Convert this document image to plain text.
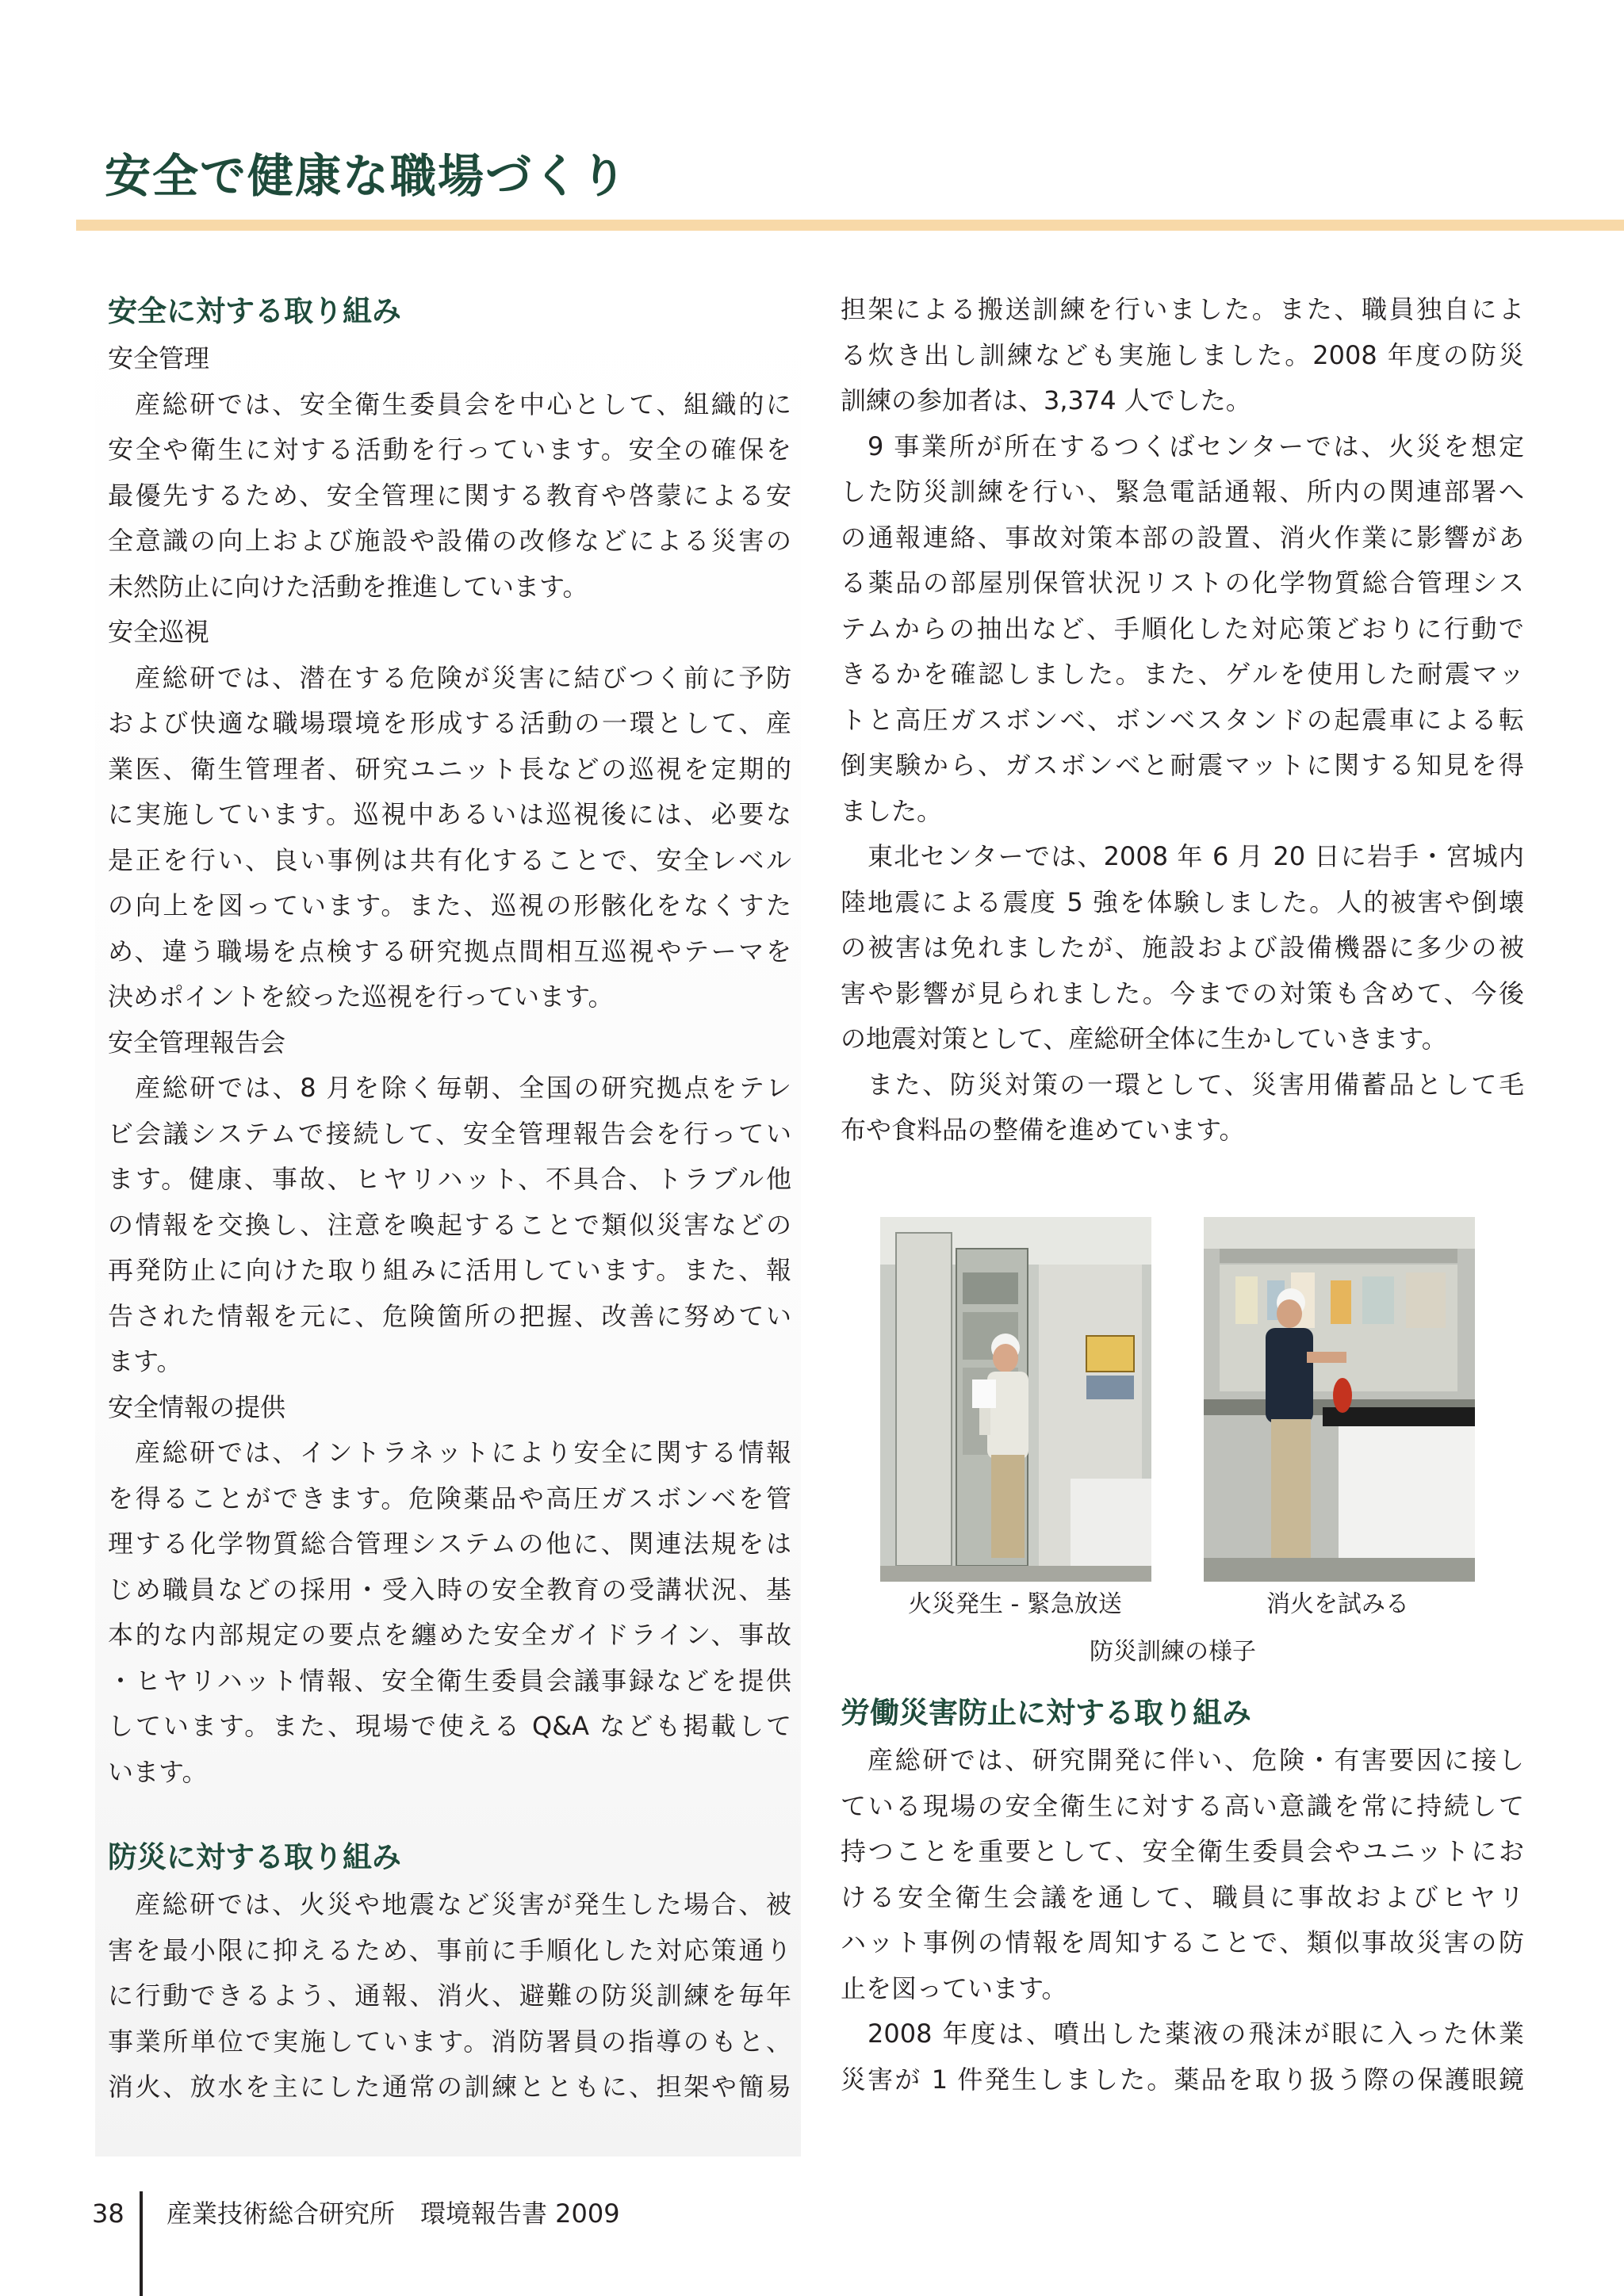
安全で健康な職場づくり
安全に対する取り組み
安全管理
産総研では、安全衛生委員会を中心として、組織的に
安全や衛生に対する活動を行っています。安全の確保を
最優先するため、安全管理に関する教育や啓蒙による安
全意識の向上および施設や設備の改修などによる災害の
未然防止に向けた活動を推進しています。
安全巡視
産総研では、潜在する危険が災害に結びつく前に予防
および快適な職場環境を形成する活動の一環として、産
業医、衛生管理者、研究ユニット長などの巡視を定期的
に実施しています。巡視中あるいは巡視後には、必要な
是正を行い、良い事例は共有化することで、安全レベル
の向上を図っています。また、巡視の形骸化をなくすた
め、違う職場を点検する研究拠点間相互巡視やテーマを
決めポイントを絞った巡視を行っています。
安全管理報告会
産総研では、8 月を除く毎朝、全国の研究拠点をテレ
ビ会議システムで接続して、安全管理報告会を行ってい
ます。健康、事故、ヒヤリハット、不具合、トラブル他
の情報を交換し、注意を喚起することで類似災害などの
再発防止に向けた取り組みに活用しています。また、報
告された情報を元に、危険箇所の把握、改善に努めてい
ます。
安全情報の提供
産総研では、イントラネットにより安全に関する情報
を得ることができます。危険薬品や高圧ガスボンベを管
理する化学物質総合管理システムの他に、関連法規をは
じめ職員などの採用・受入時の安全教育の受講状況、基
本的な内部規定の要点を纏めた安全ガイドライン、事故
・ヒヤリハット情報、安全衛生委員会議事録などを提供
しています。また、現場で使える Q&A なども掲載して
います。
防災に対する取り組み
産総研では、火災や地震など災害が発生した場合、被
害を最小限に抑えるため、事前に手順化した対応策通り
に行動できるよう、通報、消火、避難の防災訓練を毎年
事業所単位で実施しています。消防署員の指導のもと、
消火、放水を主にした通常の訓練とともに、担架や簡易
担架による搬送訓練を行いました。また、職員独自によ
る炊き出し訓練なども実施しました。2008 年度の防災
訓練の参加者は、3,374 人でした。
9 事業所が所在するつくばセンターでは、火災を想定
した防災訓練を行い、緊急電話通報、所内の関連部署へ
の通報連絡、事故対策本部の設置、消火作業に影響があ
る薬品の部屋別保管状況リストの化学物質総合管理シス
テムからの抽出など、手順化した対応策どおりに行動で
きるかを確認しました。また、ゲルを使用した耐震マッ
トと高圧ガスボンベ、ボンベスタンドの起震車による転
倒実験から、ガスボンベと耐震マットに関する知見を得
ました。
東北センターでは、2008 年 6 月 20 日に岩手・宮城内
陸地震による震度 5 強を体験しました。人的被害や倒壊
の被害は免れましたが、施設および設備機器に多少の被
害や影響が見られました。今までの対策も含めて、今後
の地震対策として、産総研全体に生かしていきます。
また、防災対策の一環として、災害用備蓄品として毛
布や食料品の整備を進めています。
火災発生 - 緊急放送	消火を試みる
防災訓練の様子
労働災害防止に対する取り組み
産総研では、研究開発に伴い、危険・有害要因に接し
ている現場の安全衛生に対する高い意識を常に持続して
持つことを重要として、安全衛生委員会やユニットにお
ける安全衛生会議を通して、職員に事故およびヒヤリ
ハット事例の情報を周知することで、類似事故災害の防
止を図っています。
2008 年度は、噴出した薬液の飛沫が眼に入った休業
災害が 1 件発生しました。薬品を取り扱う際の保護眼鏡
38 産業技術総合研究所　環境報告書 2009
